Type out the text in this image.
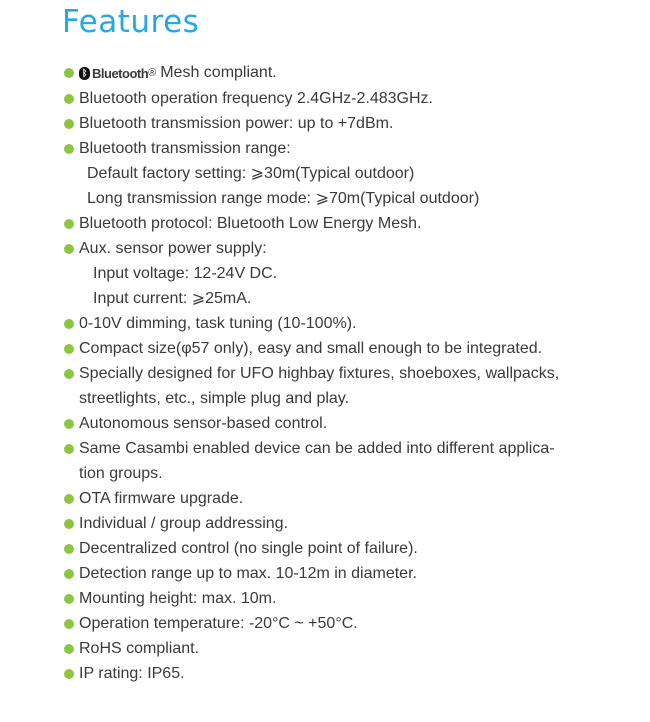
Features
ᛒ Bluetooth ® Mesh compliant.
Bluetooth operation frequency 2.4GHz-2.483GHz.
Bluetooth transmission power: up to +7dBm.
Bluetooth transmission range:
Default factory setting: ⩾30m(Typical outdoor)
Long transmission range mode: ⩾70m(Typical outdoor)
Bluetooth protocol: Bluetooth Low Energy Mesh.
Aux. sensor power supply:
Input voltage: 12-24V DC.
Input current: ⩾25mA.
0-10V dimming, task tuning (10-100%).
Compact size(φ57 only), easy and small enough to be integrated.
Specially designed for UFO highbay fixtures, shoeboxes, wallpacks,
streetlights, etc., simple plug and play.
Autonomous sensor-based control.
Same Casambi enabled device can be added into different applica-
tion groups.
OTA firmware upgrade.
Individual / group addressing.
Decentralized control (no single point of failure).
Detection range up to max. 10-12m in diameter.
Mounting height: max. 10m.
Operation temperature: -20°C ~ +50°C.
RoHS compliant.
IP rating: IP65.
